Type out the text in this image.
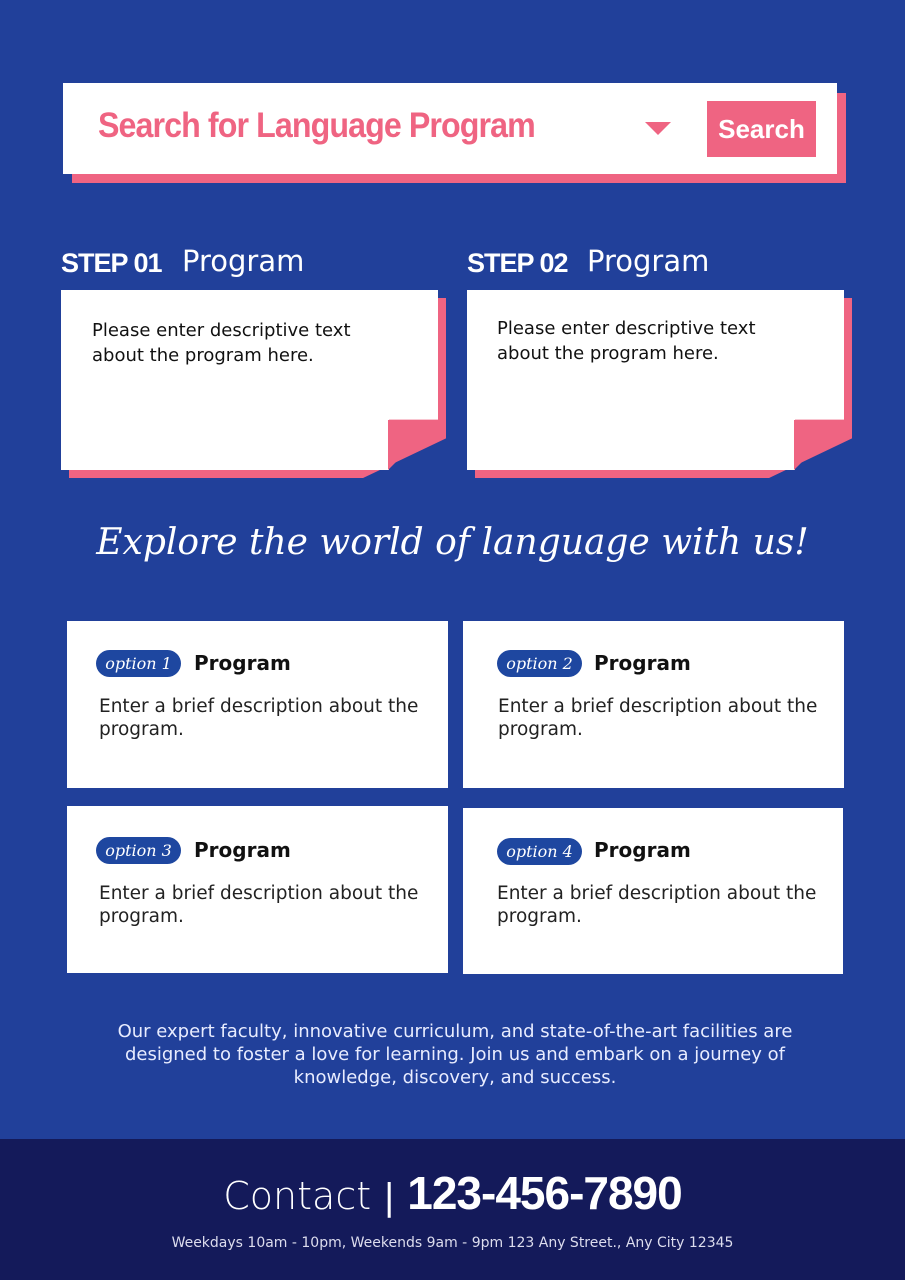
Search for Language Program	Search
STEP 01 Program
Please enter descriptive text about the program here.
STEP 02 Program
Please enter descriptive text about the program here.
Explore the world of language with us!
option 1	Program
Enter a brief description about the program.
option 2	Program
Enter a brief description about the program.
option 3	Program
Enter a brief description about the program.
option 4	Program
Enter a brief description about the program.
Our expert faculty, innovative curriculum, and state-of-the-art facilities are designed to foster a love for learning. Join us and embark on a journey of knowledge, discovery, and success.
Contact | 123-456-7890
Weekdays 10am - 10pm, Weekends 9am - 9pm 123 Any Street., Any City 12345
